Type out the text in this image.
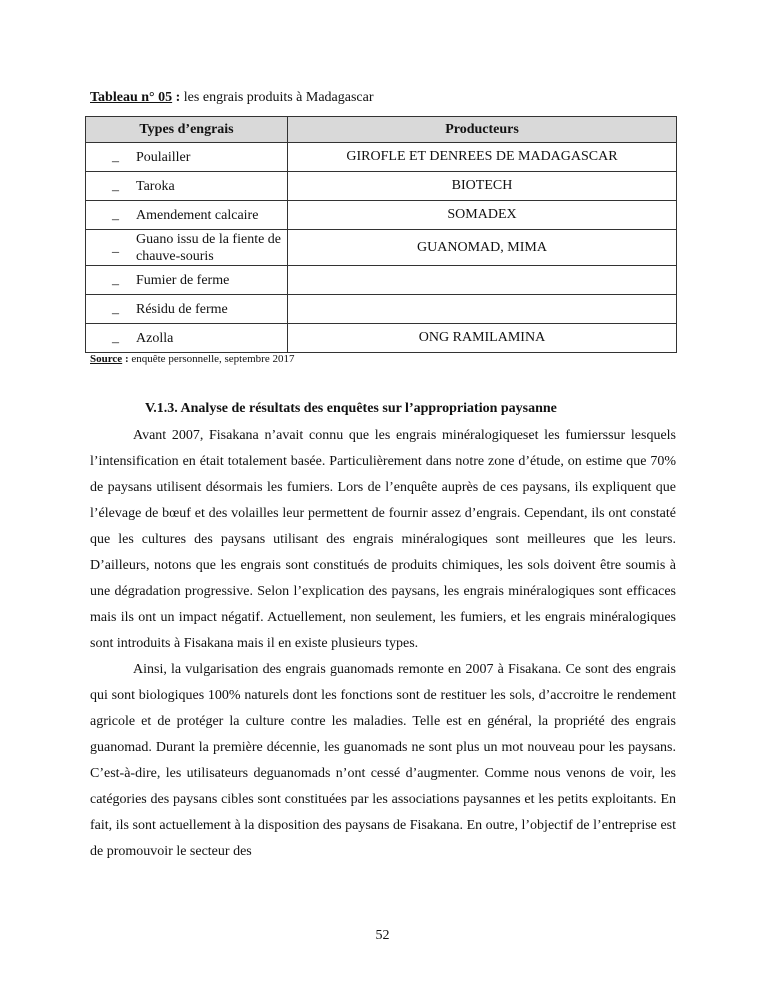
Tableau n° 05 : les engrais produits à Madagascar
Types d’engrais	Producteurs

_ Poulailler	GIROFLE ET DENREES DE MADAGASCAR

_ Taroka	BIOTECH

_ Amendement calcaire	SOMADEX

_
Guano issu de la fiente de chauve-souris	GUANOMAD, MIMA

_ Fumier de ferme	

_ Résidu de ferme	

_ Azolla	ONG RAMILAMINA
Source : enquête personnelle, septembre 2017
V.1.3. Analyse de résultats des enquêtes sur l’appropriation paysanne

Avant 2007, Fisakana n’avait connu que les engrais minéralogiqueset les fumierssur lesquels l’intensification en était totalement basée. Particulièrement dans notre zone d’étude, on estime que 70% de paysans utilisent désormais les fumiers. Lors de l’enquête auprès de ces paysans, ils expliquent que l’élevage de bœuf et des volailles leur permettent de fournir assez d’engrais. Cependant, ils ont constaté que les cultures des paysans utilisant des engrais minéralogiques sont meilleures que les leurs. D’ailleurs, notons que les engrais sont constitués de produits chimiques, les sols doivent être soumis à une dégradation progressive. Selon l’explication des paysans, les engrais minéralogiques sont efficaces mais ils ont un impact négatif. Actuellement, non seulement, les fumiers, et les engrais minéralogiques sont introduits à Fisakana mais il en existe plusieurs types.

Ainsi, la vulgarisation des engrais guanomads remonte en 2007 à Fisakana. Ce sont des engrais qui sont biologiques 100% naturels dont les fonctions sont de restituer les sols, d’accroitre le rendement agricole et de protéger la culture contre les maladies. Telle est en général, la propriété des engrais guanomad. Durant la première décennie, les guanomads ne sont plus un mot nouveau pour les paysans. C’est-à-dire, les utilisateurs deguanomads n’ont cessé d’augmenter. Comme nous venons de voir, les catégories des paysans cibles sont constituées par les associations paysannes et les petits exploitants. En fait, ils sont actuellement à la disposition des paysans de Fisakana. En outre, l’objectif de l’entreprise est de promouvoir le secteur des

52
